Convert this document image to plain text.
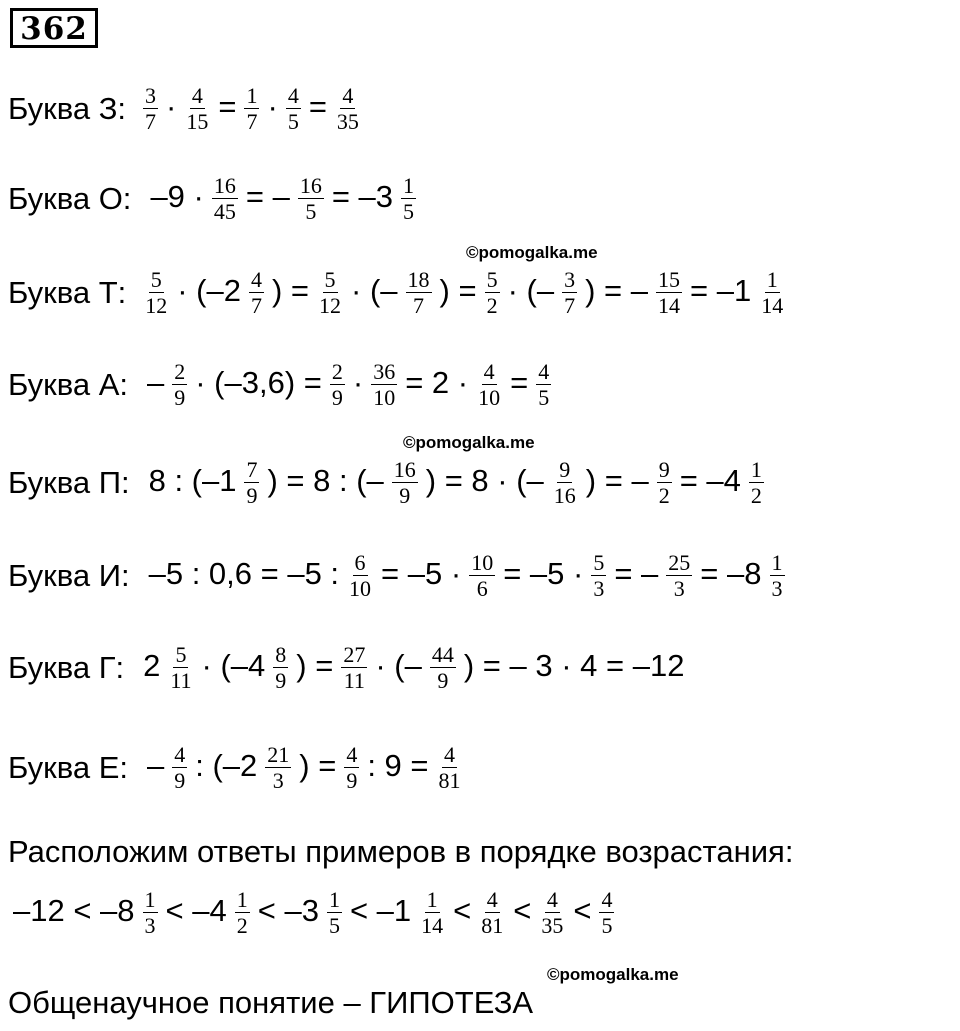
362
Буква З: $\frac{3}{7} \cdot \frac{4}{15} = \frac{1}{7} \cdot \frac{4}{5} = \frac{4}{35}$
Буква О: $-9 \cdot \frac{16}{45}$ = – $\frac{16}{5} = -3 \frac{1}{5}$
©pomogalka.me
Буква Т: $\frac{5}{12} \cdot (-2 \frac{4}{7}$ ) = $\frac{5}{12}$ · (– $\frac{18}{7}$ ) = $\frac{5}{2}$ · (– $\frac{3}{7}$ ) = – $\frac{15}{14} = -1 \frac{1}{14}$
Буква А: – $\frac{2}{9} \cdot (-3,6) = \frac{2}{9} \cdot \frac{36}{10} = 2 \cdot \frac{4}{10} = \frac{4}{5}$
©pomogalka.me
Буква П: 8 : ($-1 \frac{7}{9}$ ) = 8 : (– $\frac{16}{9}$ ) = 8 · (– $\frac{9}{16}$ ) = – $\frac{9}{2} = -4 \frac{1}{2}$
Буква И: –5 : 0,6 = –5 : $\frac{6}{10} = -5 \cdot \frac{10}{6} = -5 \cdot \frac{5}{3}$ = – $\frac{25}{3} = -8 \frac{1}{3}$
Буква Г: $2 \frac{5}{11} \cdot (-4 \frac{8}{9}$ ) = $\frac{27}{11}$ · (– $\frac{44}{9}$ ) = – 3 · 4 = –12
Буква Е: – $\frac{4}{9}$ : ($-2 \frac{21}{3}$ ) = $\frac{4}{9}$ : $9 = \frac{4}{81}$
Расположим ответы примеров в порядке возрастания:
$-12 < -8 \frac{1}{3} < -4 \frac{1}{2} < -3 \frac{1}{5} < -1 \frac{1}{14} < \frac{4}{81} < \frac{4}{35} < \frac{4}{5}$
©pomogalka.me
Общенаучное понятие – ГИПОТЕЗА
